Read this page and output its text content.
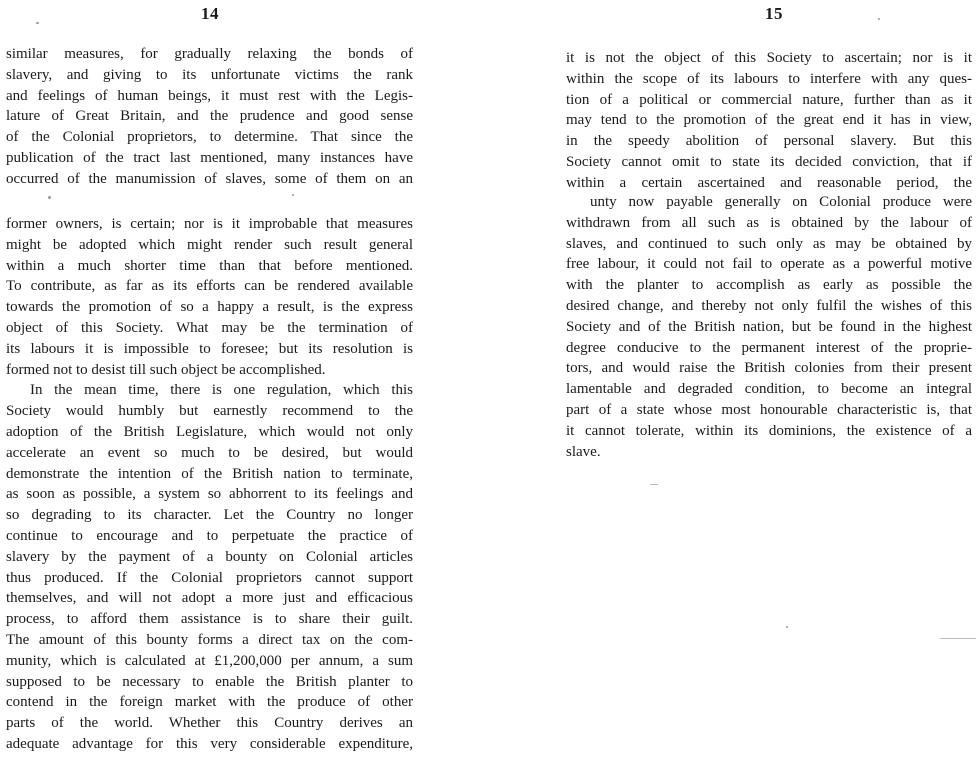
14
similar measures, for gradually relaxing the bonds of
slavery, and giving to its unfortunate victims the rank
and feelings of human beings, it must rest with the Legis-
lature of Great Britain, and the prudence and good sense
of the Colonial proprietors, to determine. That since the
publication of the tract last mentioned, many instances have
occurred of the manumission of slaves, some of them on an
former owners, is certain; nor is it improbable that measures
might be adopted which might render such result general
within a much shorter time than that before mentioned.
To contribute, as far as its efforts can be rendered available
towards the promotion of so a happy a result, is the express
object of this Society. What may be the termination of
its labours it is impossible to foresee; but its resolution is
formed not to desist till such object be accomplished.
In the mean time, there is one regulation, which this
Society would humbly but earnestly recommend to the
adoption of the British Legislature, which would not only
accelerate an event so much to be desired, but would
demonstrate the intention of the British nation to terminate,
as soon as possible, a system so abhorrent to its feelings and
so degrading to its character. Let the Country no longer
continue to encourage and to perpetuate the practice of
slavery by the payment of a bounty on Colonial articles
thus produced. If the Colonial proprietors cannot support
themselves, and will not adopt a more just and efficacious
process, to afford them assistance is to share their guilt.
The amount of this bounty forms a direct tax on the com-
munity, which is calculated at £1,200,000 per annum, a sum
supposed to be necessary to enable the British planter to
contend in the foreign market with the produce of other
parts of the world. Whether this Country derives an
adequate advantage for this very considerable expenditure,
15
it is not the object of this Society to ascertain; nor is it
within the scope of its labours to interfere with any ques-
tion of a political or commercial nature, further than as it
may tend to the promotion of the great end it has in view,
in the speedy abolition of personal slavery. But this
Society cannot omit to state its decided conviction, that if
within a certain ascertained and reasonable period, the
unty now payable generally on Colonial produce were
withdrawn from all such as is obtained by the labour of
slaves, and continued to such only as may be obtained by
free labour, it could not fail to operate as a powerful motive
with the planter to accomplish as early as possible the
desired change, and thereby not only fulfil the wishes of this
Society and of the British nation, but be found in the highest
degree conducive to the permanent interest of the proprie-
tors, and would raise the British colonies from their present
lamentable and degraded condition, to become an integral
part of a state whose most honourable characteristic is, that
it cannot tolerate, within its dominions, the existence of a
slave.
